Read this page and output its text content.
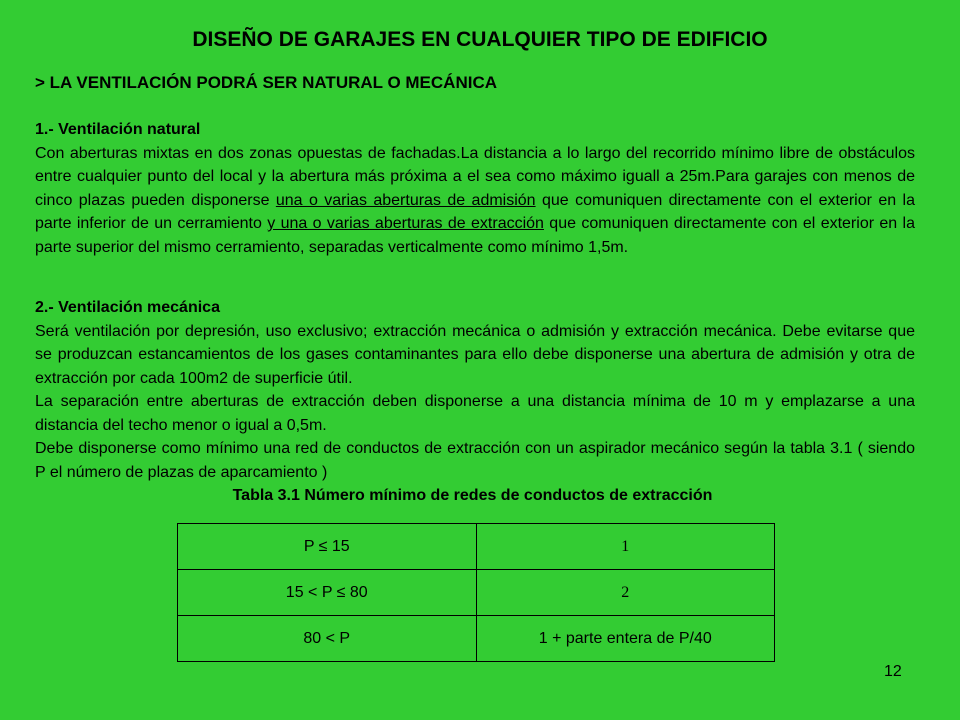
DISEÑO DE GARAJES EN CUALQUIER TIPO DE EDIFICIO
> LA VENTILACIÓN PODRÁ SER NATURAL O MECÁNICA
1.- Ventilación natural

Con aberturas mixtas en dos zonas opuestas de fachadas.La distancia a lo largo del recorrido mínimo libre de obstáculos entre cualquier punto del local y la abertura más próxima a el sea como máximo iguall a 25m.Para garajes con menos de cinco plazas pueden disponerse una o varias aberturas de admisión que comuniquen directamente con el exterior en la parte inferior de un cerramiento y una o varias aberturas de extracción que comuniquen directamente con el exterior en la parte superior del mismo cerramiento, separadas verticalmente como mínimo 1,5m.

2.- Ventilación mecánica

Será ventilación por depresión, uso exclusivo; extracción mecánica o admisión y extracción mecánica. Debe evitarse que se produzcan estancamientos de los gases contaminantes para ello debe disponerse una abertura de admisión y otra de extracción por cada 100m2 de superficie útil.

La separación entre aberturas de extracción deben disponerse a una distancia mínima de 10 m y emplazarse a una distancia del techo menor o igual a 0,5m.

Debe disponerse como mínimo una red de conductos de extracción con un aspirador mecánico según la tabla 3.1 ( siendo P el número de plazas de aparcamiento )

Tabla 3.1 Número mínimo de redes de conductos de extracción
P ≤ 15	1
15 < P ≤ 80	2
80 < P	1 + parte entera de P/40
12
